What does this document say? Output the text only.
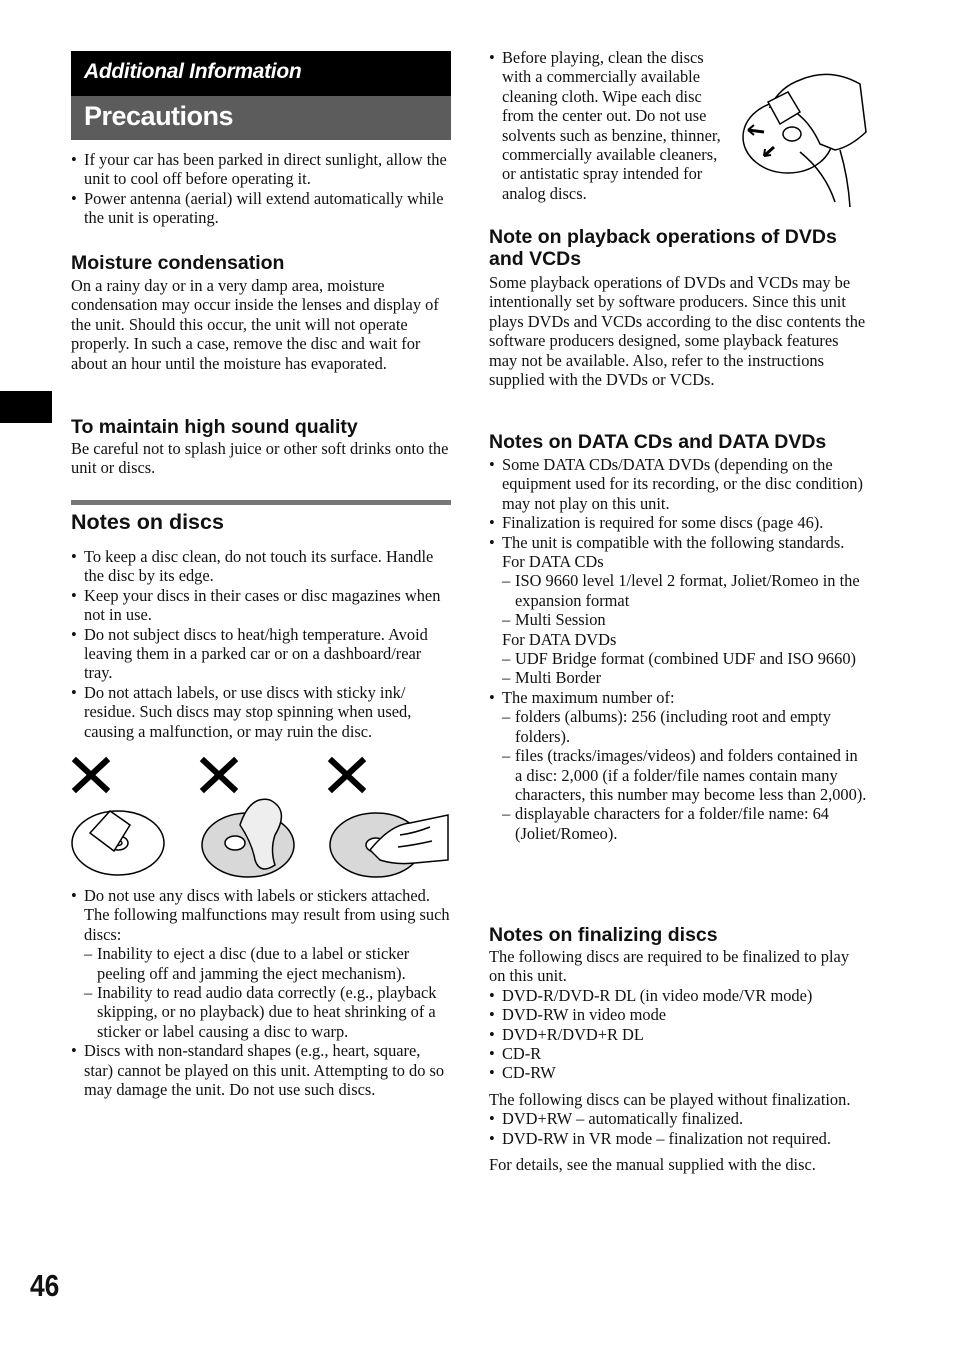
Additional Information
Precautions
• If your car has been parked in direct sunlight, allow the unit to cool off before operating it.
• Power antenna (aerial) will extend automatically while the unit is operating.
Moisture condensation

On a rainy day or in a very damp area, moisture condensation may occur inside the lenses and display of the unit. Should this occur, the unit will not operate properly. In such a case, remove the disc and wait for about an hour until the moisture has evaporated.

To maintain high sound quality

Be careful not to splash juice or other soft drinks onto the unit or discs.

Notes on discs
• To keep a disc clean, do not touch its surface. Handle the disc by its edge.
• Keep your discs in their cases or disc magazines when not in use.
• Do not subject discs to heat/high temperature. Avoid leaving them in a parked car or on a dashboard/rear tray.
• Do not attach labels, or use discs with sticky ink/ residue. Such discs may stop spinning when used, causing a malfunction, or may ruin the disc.

• Do not use any discs with labels or stickers attached.

The following malfunctions may result from using such discs:

– Inability to eject a disc (due to a label or sticker peeling off and jamming the eject mechanism).
– Inability to read audio data correctly (e.g., playback skipping, or no playback) due to heat shrinking of a sticker or label causing a disc to warp.
• Discs with non-standard shapes (e.g., heart, square, star) cannot be played on this unit. Attempting to do so may damage the unit. Do not use such discs.
46
• Before playing, clean the discs with a commercially available cleaning cloth. Wipe each disc from the center out. Do not use solvents such as benzine, thinner, commercially available cleaners, or antistatic spray intended for analog discs.
Note on playback operations of DVDs and VCDs

Some playback operations of DVDs and VCDs may be intentionally set by software producers. Since this unit plays DVDs and VCDs according to the disc contents the software producers designed, some playback features may not be available. Also, refer to the instructions supplied with the DVDs or VCDs.

Notes on DATA CDs and DATA DVDs
• Some DATA CDs/DATA DVDs (depending on the equipment used for its recording, or the disc condition) may not play on this unit.
• Finalization is required for some discs (page 46).

• The unit is compatible with the following standards.

For DATA CDs

– ISO 9660 level 1/level 2 format, Joliet/Romeo in the expansion format
– Multi Session

For DATA DVDs

– UDF Bridge format (combined UDF and ISO 9660)
– Multi Border

• The maximum number of:

– folders (albums): 256 (including root and empty folders).
– files (tracks/images/videos) and folders contained in a disc: 2,000 (if a folder/file names contain many characters, this number may become less than 2,000).
– displayable characters for a folder/file name: 64 (Joliet/Romeo).
Notes on finalizing discs

The following discs are required to be finalized to play on this unit.

• DVD-R/DVD-R DL (in video mode/VR mode)
• DVD-RW in video mode
• DVD+R/DVD+R DL
• CD-R
• CD-RW

The following discs can be played without finalization.

• DVD+RW – automatically finalized.
• DVD-RW in VR mode – finalization not required.

For details, see the manual supplied with the disc.
